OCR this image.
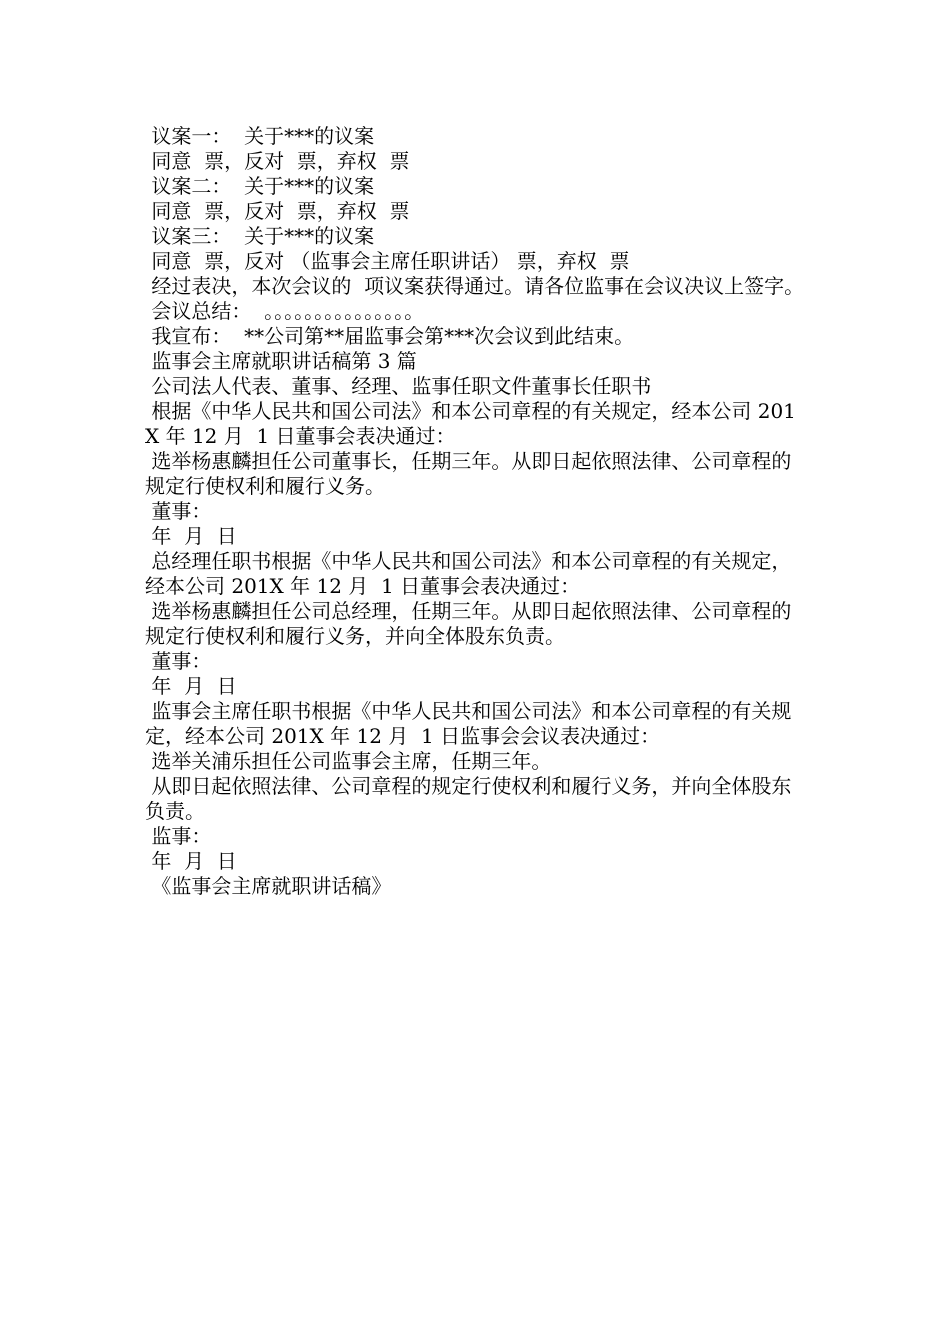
议案一：  关于***的议案

同意  票，反对  票，弃权  票

议案二：  关于***的议案

同意  票，反对  票，弃权  票

议案三：  关于***的议案

同意  票，反对 （监事会主席任职讲话） 票，弃权  票

经过表决，本次会议的  项议案获得通过。请各位监事在会议决议上签字。

会议总结：  。。。。。。。。。。。。。。。

我宣布：  **公司第**届监事会第***次会议到此结束。

监事会主席就职讲话稿第 3 篇

公司法人代表、董事、经理、监事任职文件董事长任职书

根据《中华人民共和国公司法》和本公司章程的有关规定，经本公司 201X 年 12 月  1 日董事会表决通过：

选举杨惠麟担任公司董事长，任期三年。从即日起依照法律、公司章程的规定行使权利和履行义务。

董事：

年  月  日

总经理任职书根据《中华人民共和国公司法》和本公司章程的有关规定，经本公司 201X 年 12 月  1 日董事会表决通过：

选举杨惠麟担任公司总经理，任期三年。从即日起依照法律、公司章程的规定行使权利和履行义务，并向全体股东负责。

董事：

年  月  日

监事会主席任职书根据《中华人民共和国公司法》和本公司章程的有关规定，经本公司 201X 年 12 月  1 日监事会会议表决通过：

选举关浦乐担任公司监事会主席，任期三年。

从即日起依照法律、公司章程的规定行使权利和履行义务，并向全体股东负责。

监事：

年  月  日

《监事会主席就职讲话稿》
